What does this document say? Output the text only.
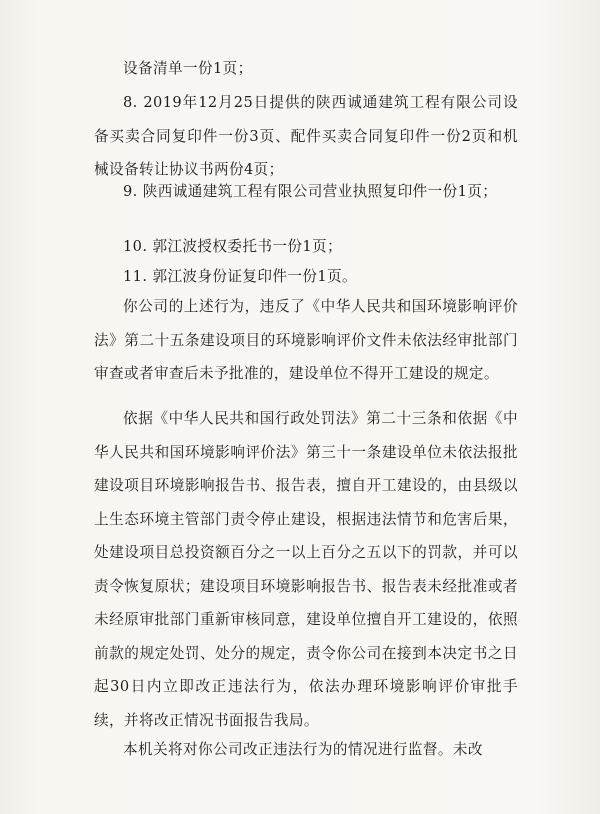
设备清单一份1页；

8. 2019年12月25日提供的陕西诚通建筑工程有限公司设备买卖合同复印件一份3页、配件买卖合同复印件一份2页和机械设备转让协议书两份4页；

9. 陕西诚通建筑工程有限公司营业执照复印件一份1页；

10. 郭江波授权委托书一份1页；

11. 郭江波身份证复印件一份1页。

你公司的上述行为，违反了《中华人民共和国环境影响评价法》第二十五条建设项目的环境影响评价文件未依法经审批部门审查或者审查后未予批准的，建设单位不得开工建设的规定。

依据《中华人民共和国行政处罚法》第二十三条和依据《中华人民共和国环境影响评价法》第三十一条建设单位未依法报批建设项目环境影响报告书、报告表，擅自开工建设的，由县级以上生态环境主管部门责令停止建设，根据违法情节和危害后果，处建设项目总投资额百分之一以上百分之五以下的罚款，并可以责令恢复原状；建设项目环境影响报告书、报告表未经批准或者未经原审批部门重新审核同意，建设单位擅自开工建设的，依照前款的规定处罚、处分的规定，责令你公司在接到本决定书之日起30日内立即改正违法行为，依法办理环境影响评价审批手续，并将改正情况书面报告我局。

本机关将对你公司改正违法行为的情况进行监督。未改
